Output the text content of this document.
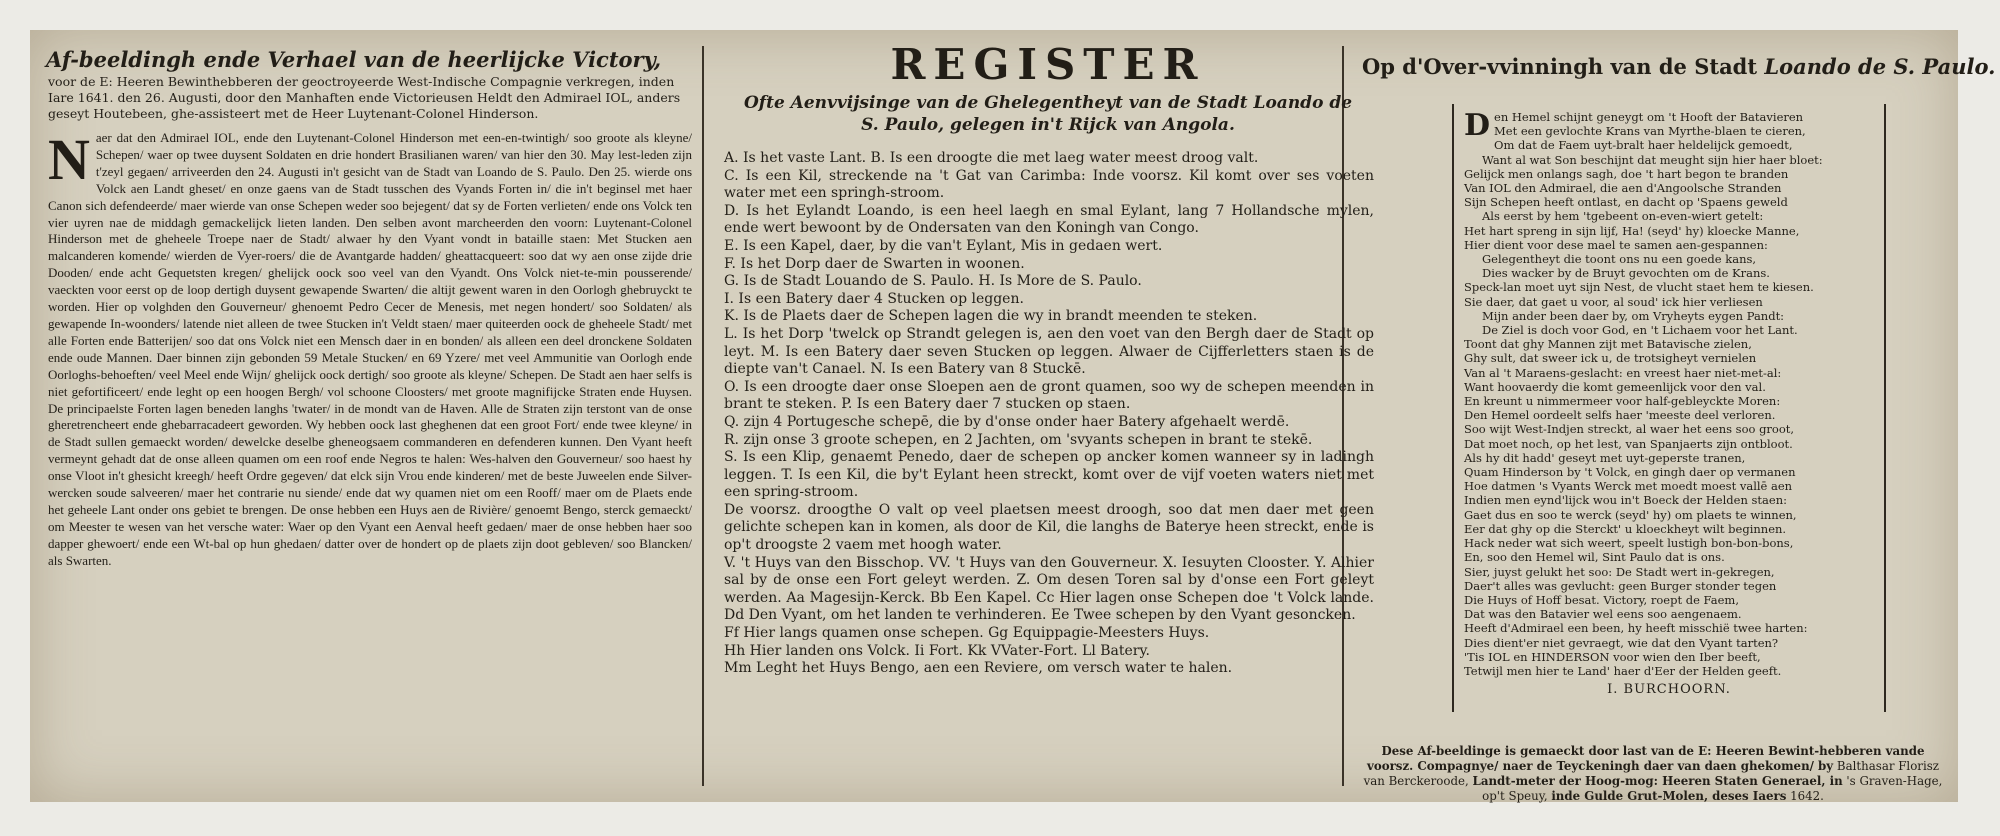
Af-beeldingh ende Verhael van de heerlijcke Victory,
voor de E: Heeren Bewinthebberen der geoctroyeerde West-Indische Compagnie verkregen, inden Iare 1641. den 26. Augusti, door den Manhaften ende Victorieusen Heldt den Admirael IOL, anders geseyt Houtebeen, ghe-assisteert met de Heer Luytenant-Colonel Hinderson.
N aer dat den Admirael IOL, ende den Luytenant-Colonel Hinderson met een-en-twintigh/ soo groote als kleyne/ Schepen/ waer op twee duysent Soldaten en drie hondert Brasilianen waren/ van hier den 30. May lest-leden zijn t'zeyl gegaen/ arriveerden den 24. Augusti in't gesicht van de Stadt van Loando de S. Paulo. Den 25. wierde ons Volck aen Landt gheset/ en onze gaens van de Stadt tusschen des Vyands Forten in/ die in't beginsel met haer Canon sich defendeerde/ maer wierde van onse Schepen weder soo bejegent/ dat sy de Forten verlieten/ ende ons Volck ten vier uyren nae de middagh gemackelijck lieten landen. Den selben avont marcheerden den voorn: Luytenant-Colonel Hinderson met de gheheele Troepe naer de Stadt/ alwaer hy den Vyant vondt in bataille staen: Met Stucken aen malcanderen komende/ wierden de Vyer-roers/ die de Avantgarde hadden/ gheattacqueert: soo dat wy aen onse zijde drie Dooden/ ende acht Gequetsten kregen/ ghelijck oock soo veel van den Vyandt. Ons Volck niet-te-min pousserende/ vaeckten voor eerst op de loop dertigh duysent gewapende Swarten/ die altijt gewent waren in den Oorlogh ghebruyckt te worden. Hier op volghden den Gouverneur/ ghenoemt Pedro Cecer de Menesis, met negen hondert/ soo Soldaten/ als gewapende In-woonders/ latende niet alleen de twee Stucken in't Veldt staen/ maer quiteerden oock de gheheele Stadt/ met alle Forten ende Batterijen/ soo dat ons Volck niet een Mensch daer in en bonden/ als alleen een deel dronckene Soldaten ende oude Mannen. Daer binnen zijn gebonden 59 Metale Stucken/ en 69 Yzere/ met veel Ammunitie van Oorlogh ende Oorloghs-behoeften/ veel Meel ende Wijn/ ghelijck oock dertigh/ soo groote als kleyne/ Schepen. De Stadt aen haer selfs is niet gefortificeert/ ende leght op een hoogen Bergh/ vol schoone Cloosters/ met groote magnifijcke Straten ende Huysen. De principaelste Forten lagen beneden langhs 'twater/ in de mondt van de Haven. Alle de Straten zijn terstont van de onse gheretrencheert ende ghebarracadeert geworden. Wy hebben oock last gheghenen dat een groot Fort/ ende twee kleyne/ in de Stadt sullen gemaeckt worden/ dewelcke deselbe gheneogsaem commanderen en defenderen kunnen. Den Vyant heeft vermeynt gehadt dat de onse alleen quamen om een roof ende Negros te halen: Wes-halven den Gouverneur/ soo haest hy onse Vloot in't ghesicht kreegh/ heeft Ordre gegeven/ dat elck sijn Vrou ende kinderen/ met de beste Juweelen ende Silver-wercken soude salveeren/ maer het contrarie nu siende/ ende dat wy quamen niet om een Rooff/ maer om de Plaets ende het geheele Lant onder ons gebiet te brengen. De onse hebben een Huys aen de Rivière/ genoemt Bengo, sterck gemaeckt/ om Meester te wesen van het versche water: Waer op den Vyant een Aenval heeft gedaen/ maer de onse hebben haer soo dapper ghewoert/ ende een Wt-bal op hun ghedaen/ datter over de hondert op de plaets zijn doot gebleven/ soo Blancken/ als Swarten.
REGISTER
Ofte Aenvvijsinge van de Ghelegentheyt van de Stadt Loando de S. Paulo, gelegen in't Rijck van Angola.
A. Is het vaste Lant. B. Is een droogte die met laeg water meest droog valt.
C. Is een Kil, streckende na 't Gat van Carimba: Inde voorsz. Kil komt over ses voeten water met een springh-stroom.
D. Is het Eylandt Loando, is een heel laegh en smal Eylant, lang 7 Hollandsche mylen, ende wert bewoont by de Ondersaten van den Koningh van Congo.
E. Is een Kapel, daer, by die van't Eylant, Mis in gedaen wert.
F. Is het Dorp daer de Swarten in woonen.
G. Is de Stadt Louando de S. Paulo. H. Is More de S. Paulo.
I. Is een Batery daer 4 Stucken op leggen.
K. Is de Plaets daer de Schepen lagen die wy in brandt meenden te steken.
L. Is het Dorp 'twelck op Strandt gelegen is, aen den voet van den Bergh daer de Stadt op leyt. M. Is een Batery daer seven Stucken op leggen. Alwaer de Cijfferletters staen is de diepte van't Canael. N. Is een Batery van 8 Stuckē.
O. Is een droogte daer onse Sloepen aen de gront quamen, soo wy de schepen meenden in brant te steken. P. Is een Batery daer 7 stucken op staen.
Q. zijn 4 Portugesche schepē, die by d'onse onder haer Batery afgehaelt werdē.
R. zijn onse 3 groote schepen, en 2 Jachten, om 'svyants schepen in brant te stekē.
S. Is een Klip, genaemt Penedo, daer de schepen op ancker komen wanneer sy in ladingh leggen. T. Is een Kil, die by't Eylant heen streckt, komt over de vijf voeten waters niet met een spring-stroom.
De voorsz. droogthe O valt op veel plaetsen meest droogh, soo dat men daer met geen gelichte schepen kan in komen, als door de Kil, die langhs de Bateryе heen streckt, ende is op't droogste 2 vaem met hoogh water.
V. 't Huys van den Bisschop. VV. 't Huys van den Gouverneur. X. Iesuyten Clooster. Y. Alhier sal by de onse een Fort geleyt werden. Z. Om desen Toren sal by d'onse een Fort geleyt werden. Aa Magesijn-Kerck. Bb Een Kapel. Cc Hier lagen onse Schepen doe 't Volck lande. Dd Den Vyant, om het landen te verhinderen. Ee Twee schepen by den Vyant gesoncken.
Ff Hier langs quamen onse schepen. Gg Equippagie-Meesters Huys.
Hh Hier landen ons Volck. Ii Fort. Kk VVater-Fort. Ll Batery.
Mm Leght het Huys Bengo, aen een Reviere, om versch water te halen.
Op d'Over-vvinningh van de Stadt Loando de S. Paulo.
D en Hemel schijnt geneygt om 't Hooft der Batavieren
Met een gevlochte Krans van Myrthe-blaen te cieren,
Om dat de Faem uyt-bralt haer heldelijck gemoedt,
Want al wat Son beschijnt dat meught sijn hier haer bloet:
Gelijck men onlangs sagh, doe 't hart begon te branden
Van IOL den Admirael, die aen d'Angoolsche Stranden
Sijn Schepen heeft ontlast, en dacht op 'Spaens geweld
Als eerst by hem 'tgebeent on-even-wiert getelt:
Het hart spreng in sijn lijf, Ha! (seyd' hy) kloecke Manne,
Hier dient voor dese mael te samen aen-gespannen:
Gelegentheyt die toont ons nu een goede kans,
Dies wacker by de Bruyt gevochten om de Krans.
Speck-lan moet uyt sijn Nest, de vlucht staet hem te kiesen.
Sie daer, dat gaet u voor, al soud' ick hier verliesen
Mijn ander been daer by, om Vryheyts eygen Pandt:
De Ziel is doch voor God, en 't Lichaem voor het Lant.
Toont dat ghy Mannen zijt met Batavische zielen,
Ghy sult, dat sweer ick u, de trotsigheyt vernielen
Van al 't Maraens-geslacht: en vreest haer niet-met-al:
Want hoovaerdy die komt gemeenlijck voor den val.
En kreunt u nimmermeer voor half-gebleyckte Moren:
Den Hemel oordeelt selfs haer 'meeste deel verloren.
Soo wijt West-Indjen streckt, al waer het eens soo groot,
Dat moet noch, op het lest, van Spanjaerts zijn ontbloot.
Als hy dit hadd' geseyt met uyt-geperste tranen,
Quam Hinderson by 't Volck, en gingh daer op vermanen
Hoe datmen 's Vyants Werck met moedt moest vallē aen
Indien men eynd'lijck wou in't Boeck der Helden staen:
Gaet dus en soo te werck (seyd' hy) om plaets te winnen,
Eer dat ghy op die Sterckt' u kloeckheyt wilt beginnen.
Hack neder wat sich weert, speelt lustigh bon-bon-bons,
En, soo den Hemel wil, Sint Paulo dat is ons.
Sier, juyst gelukt het soo: De Stadt wert in-gekregen,
Daer't alles was gevlucht: geen Burger stonder tegen
Die Huys of Hoff besat. Victory, roept de Faem,
Dat was den Batavier wel eens soo aengenaem.
Heeft d'Admirael een been, hy heeft misschië twee harten:
Dies dient'er niet gevraegt, wie dat den Vyant tarten?
'Tis IOL en HINDERSON voor wien den Iber beeft,
Tetwijl men hier te Land' haer d'Eer der Helden geeft.
I. BURCHOORN.
Dese Af-beeldinge is gemaeckt door last van de E: Heeren Bewint-hebberen vande voorsz. Compagnye/ naer de Teyckeningh daer van daen ghekomen/ by Balthasar Florisz van Berckeroode, Landt-meter der Hoog-mog: Heeren Staten Generael, in 's Graven-Hage, op't Speuy, inde Gulde Grut-Molen, deses Iaers 1642.
